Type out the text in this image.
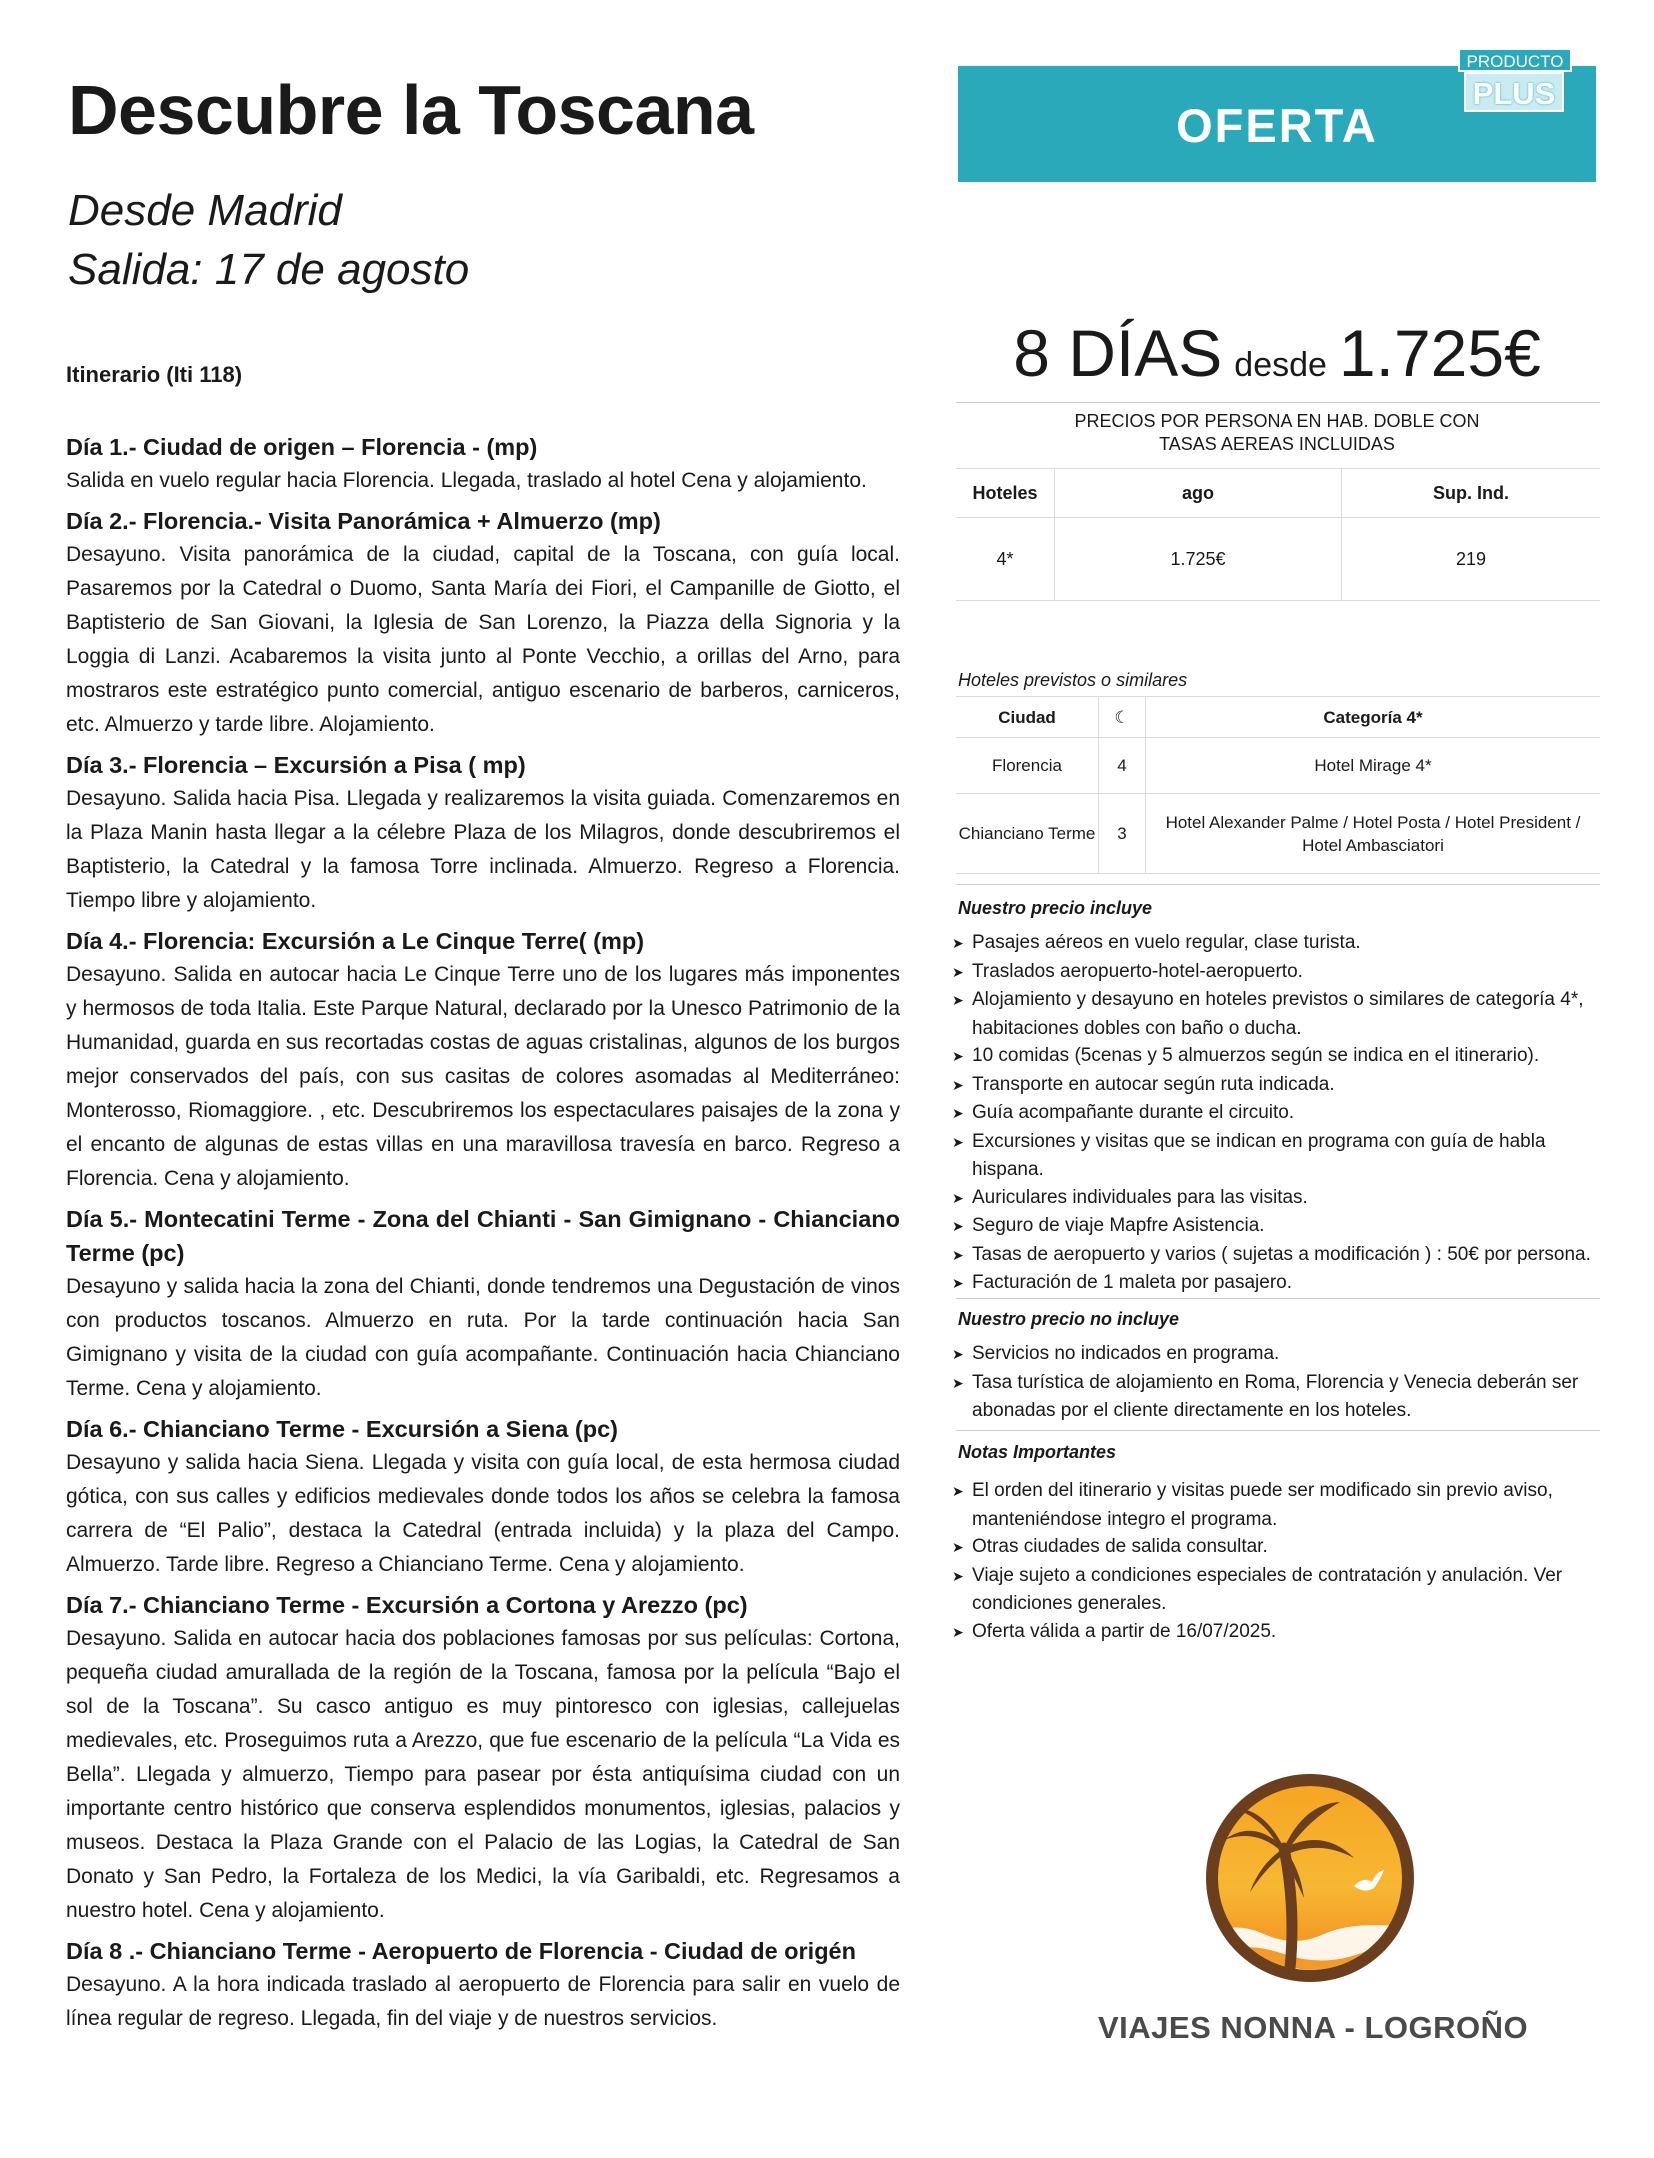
Descubre la Toscana
Desde Madrid
Salida: 17 de agosto
Itinerario (Iti 118)

Día 1.- Ciudad de origen – Florencia - (mp)

Salida en vuelo regular hacia Florencia. Llegada, traslado al hotel Cena y alojamiento.

Día 2.- Florencia.- Visita Panorámica + Almuerzo (mp)

Desayuno. Visita panorámica de la ciudad, capital de la Toscana, con guía local. Pasaremos por la Catedral o Duomo, Santa María dei Fiori, el Campanille de Giotto, el Baptisterio de San Giovani, la Iglesia de San Lorenzo, la Piazza della Signoria y la Loggia di Lanzi. Acabaremos la visita junto al Ponte Vecchio, a orillas del Arno, para mostraros este estratégico punto comercial, antiguo escenario de barberos, carniceros, etc. Almuerzo y tarde libre. Alojamiento.

Día 3.- Florencia – Excursión a Pisa ( mp)

Desayuno. Salida hacia Pisa. Llegada y realizaremos la visita guiada. Comenzaremos en la Plaza Manin hasta llegar a la célebre Plaza de los Milagros, donde descubriremos el Baptisterio, la Catedral y la famosa Torre inclinada. Almuerzo. Regreso a Florencia. Tiempo libre y alojamiento.

Día 4.- Florencia: Excursión a Le Cinque Terre( (mp)

Desayuno. Salida en autocar hacia Le Cinque Terre uno de los lugares más imponentes y hermosos de toda Italia. Este Parque Natural, declarado por la Unesco Patrimonio de la Humanidad, guarda en sus recortadas costas de aguas cristalinas, algunos de los burgos mejor conservados del país, con sus casitas de colores asomadas al Mediterráneo: Monterosso, Riomaggiore. , etc. Descubriremos los espectaculares paisajes de la zona y el encanto de algunas de estas villas en una maravillosa travesía en barco. Regreso a Florencia. Cena y alojamiento.

Día 5.- Montecatini Terme - Zona del Chianti - San Gimignano - Chianciano Terme (pc)

Desayuno y salida hacia la zona del Chianti, donde tendremos una Degustación de vinos con productos toscanos. Almuerzo en ruta. Por la tarde continuación hacia San Gimignano y visita de la ciudad con guía acompañante. Continuación hacia Chianciano Terme. Cena y alojamiento.

Día 6.- Chianciano Terme - Excursión a Siena (pc)

Desayuno y salida hacia Siena. Llegada y visita con guía local, de esta hermosa ciudad gótica, con sus calles y edificios medievales donde todos los años se celebra la famosa carrera de “El Palio”, destaca la Catedral (entrada incluida) y la plaza del Campo. Almuerzo. Tarde libre. Regreso a Chianciano Terme. Cena y alojamiento.

Día 7.- Chianciano Terme - Excursión a Cortona y Arezzo (pc)

Desayuno. Salida en autocar hacia dos poblaciones famosas por sus películas: Cortona, pequeña ciudad amurallada de la región de la Toscana, famosa por la película “Bajo el sol de la Toscana”. Su casco antiguo es muy pintoresco con iglesias, callejuelas medievales, etc. Proseguimos ruta a Arezzo, que fue escenario de la película “La Vida es Bella”. Llegada y almuerzo, Tiempo para pasear por ésta antiquísima ciudad con un importante centro histórico que conserva esplendidos monumentos, iglesias, palacios y museos. Destaca la Plaza Grande con el Palacio de las Logias, la Catedral de San Donato y San Pedro, la Fortaleza de los Medici, la vía Garibaldi, etc. Regresamos a nuestro hotel. Cena y alojamiento.

Día 8 .- Chianciano Terme - Aeropuerto de Florencia - Ciudad de origén

Desayuno. A la hora indicada traslado al aeropuerto de Florencia para salir en vuelo de línea regular de regreso. Llegada, fin del viaje y de nuestros servicios.

OFERTA
PRODUCTO
PLUS
8 DÍAS desde 1.725€
PRECIOS POR PERSONA EN HAB. DOBLE CON
TASAS AEREAS INCLUIDAS
Hoteles	ago	Sup. Ind.
4*	1.725€	219
Hoteles previstos o similares
Ciudad	☾	Categoría 4*
Florencia	4	Hotel Mirage 4*
Chianciano Terme	3	Hotel Alexander Palme / Hotel Posta / Hotel President / Hotel Ambasciatori
Nuestro precio incluye
➤ Pasajes aéreos en vuelo regular, clase turista.
➤ Traslados aeropuerto-hotel-aeropuerto.
➤ Alojamiento y desayuno en hoteles previstos o similares de categoría 4*, habitaciones dobles con baño o ducha.
➤ 10 comidas (5cenas y 5 almuerzos según se indica en el itinerario).
➤ Transporte en autocar según ruta indicada.
➤ Guía acompañante durante el circuito.
➤ Excursiones y visitas que se indican en programa con guía de habla hispana.
➤ Auriculares individuales para las visitas.
➤ Seguro de viaje Mapfre Asistencia.
➤ Tasas de aeropuerto y varios ( sujetas a modificación ) : 50€ por persona.
➤ Facturación de 1 maleta por pasajero.
Nuestro precio no incluye
➤ Servicios no indicados en programa.
➤ Tasa turística de alojamiento en Roma, Florencia y Venecia deberán ser abonadas por el cliente directamente en los hoteles.
Notas Importantes
➤ El orden del itinerario y visitas puede ser modificado sin previo aviso, manteniéndose integro el programa.
➤ Otras ciudades de salida consultar.
➤ Viaje sujeto a condiciones especiales de contratación y anulación. Ver condiciones generales.
➤ Oferta válida a partir de 16/07/2025.
VIAJES NONNA - LOGROÑO
